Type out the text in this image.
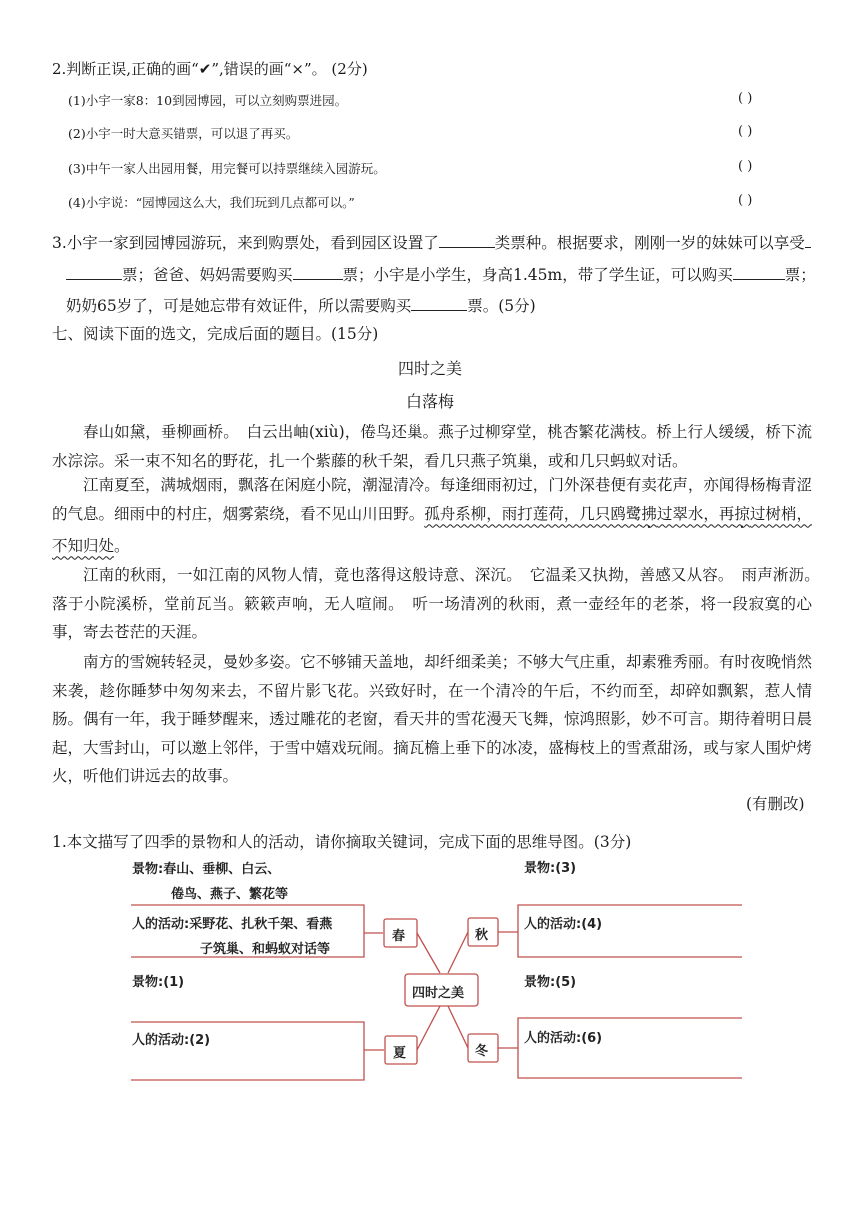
2.判断正误,正确的画“✔”,错误的画“×”。 (2分)
(1)小宇一家8：10到园博园，可以立刻购票进园。	( )
(2)小宇一时大意买错票，可以退了再买。	( )
(3)中午一家人出园用餐，用完餐可以持票继续入园游玩。	( )
(4)小宇说：“园博园这么大，我们玩到几点都可以。”	( )
3.小宇一家到园博园游玩，来到购票处，看到园区设置了	类票种。根据要求，刚刚一岁的妹妹可以享受
票；爸爸、妈妈需要购买	票；小宇是小学生，身高1.45m，带了学生证，可以购买	票；
奶奶65岁了，可是她忘带有效证件，所以需要购买	票。(5分)
七、阅读下面的选文，完成后面的题目。(15分)
四时之美
白落梅
春山如黛，垂柳画桥。　白云出岫(xiù)，倦鸟还巢。燕子过柳穿堂，桃杏繁花满枝。桥上行人缓缓，桥下流水淙淙。采一束不知名的野花，扎一个紫藤的秋千架，看几只燕子筑巢，或和几只蚂蚁对话。
江南夏至，满城烟雨，飘落在闲庭小院，潮湿清冷。每逢细雨初过，门外深巷便有卖花声，亦闻得杨梅青涩的气息。细雨中的村庄，烟雾萦绕，看不见山川田野。孤舟系柳，雨打莲荷，几只鸥鹭拂过翠水，再掠过树梢，不知归处。
江南的秋雨，一如江南的风物人情，竟也落得这般诗意、深沉。　它温柔又执拗，善感又从容。　雨声淅沥。　落于小院溪桥，堂前瓦当。簌簌声响，无人喧闹。　听一场清冽的秋雨，煮一壶经年的老茶，将一段寂寞的心事，寄去苍茫的天涯。
南方的雪婉转轻灵，曼妙多姿。它不够铺天盖地，却纤细柔美；不够大气庄重，却素雅秀丽。有时夜晚悄然来袭，趁你睡梦中匆匆来去，不留片影飞花。兴致好时，在一个清冷的午后，不约而至，却碎如飘絮，惹人情肠。偶有一年，我于睡梦醒来，透过雕花的老窗，看天井的雪花漫天飞舞，惊鸿照影，妙不可言。期待着明日晨起，大雪封山，可以邀上邻伴，于雪中嬉戏玩闹。摘瓦檐上垂下的冰凌，盛梅枝上的雪煮甜汤，或与家人围炉烤火，听他们讲远去的故事。
(有删改)
1.本文描写了四季的景物和人的活动，请你摘取关键词，完成下面的思维导图。(3分)
春
夏
秋
冬
四时之美
景物:春山、垂柳、白云、
倦鸟、燕子、繁花等
人的活动:采野花、扎秋千架、看燕
子筑巢、和蚂蚁对话等
景物:(1)
人的活动:(2)
景物:(3)
人的活动:(4)
景物:(5)
人的活动:(6)
